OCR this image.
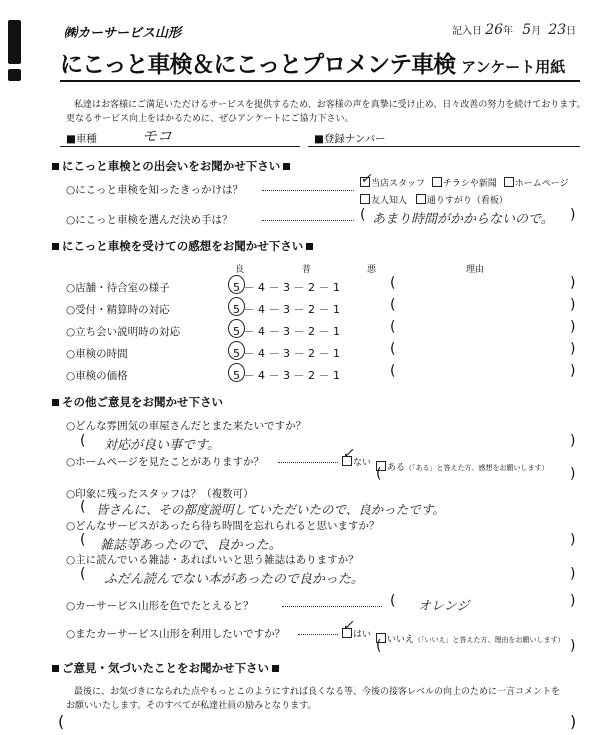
㈱カーサービス山形	記入日 26年 5月 23日
にこっと車検＆にこっとプロメンテ車検 アンケート用紙
私達はお客様にご満足いただけるサービスを提供するため、お客様の声を真摯に受け止め、日々改善の努力を続けております。
更なるサービス向上をはかるために、ぜひアンケートにご協力下さい。
■車種	モコ	■登録ナンバー
にこっと車検との出会いをお聞かせ下さい
○にこっと車検を知ったきっかけは？	当店スタッフ
✓	チラシや新聞 ホームページ
友人知人 通りすがり（看板）
○にこっと車検を選んだ決め手は？	( あまり時間がかからないので。 )
にこっと車検を受けての感想をお聞かせ下さい
良	普	悪	理由
○店舗・待合室の様子	5 － 4 － 3 － 2 － 1	(	)
○受付・精算時の対応	5 － 4 － 3 － 2 － 1	(	)
○立ち会い説明時の対応	5 － 4 － 3 － 2 － 1	(	)
○車検の時間	5 － 4 － 3 － 2 － 1	(	)
○車検の価格	5 － 4 － 3 － 2 － 1	(	)
その他ご意見をお聞かせ下さい
○どんな雰囲気の車屋さんだとまた来たいですか？
( 対応が良い事です。	)
○ホームページを見たことがありますか？	ない
✓
ある（「ある」と答えた方、感想をお願いします）
(	)
○印象に残ったスタッフは？（複数可）
( 皆さんに、その都度説明していただいたので、良かったです。
○どんなサービスがあったら待ち時間を忘れられると思いますか？
( 雑誌等あったので、良かった。	)
○主に読んでいる雑誌・あればいいと思う雑誌はありますか？
( ふだん読んでない本があったので良かった。	)
○カーサービス山形を色でたとえると？	( オレンジ	)
○またカーサービス山形を利用したいですか？	はい
✓
いいえ（「いいえ」と答えた方、理由をお願いします）
(	)
ご意見・気づいたことをお聞かせ下さい
最後に、お気づきになられた点やもっとこのようにすれば良くなる等、今後の接客レベルの向上のために一言コメントを
お願いいたします。そのすべてが私達社員の励みとなります。
(	)
